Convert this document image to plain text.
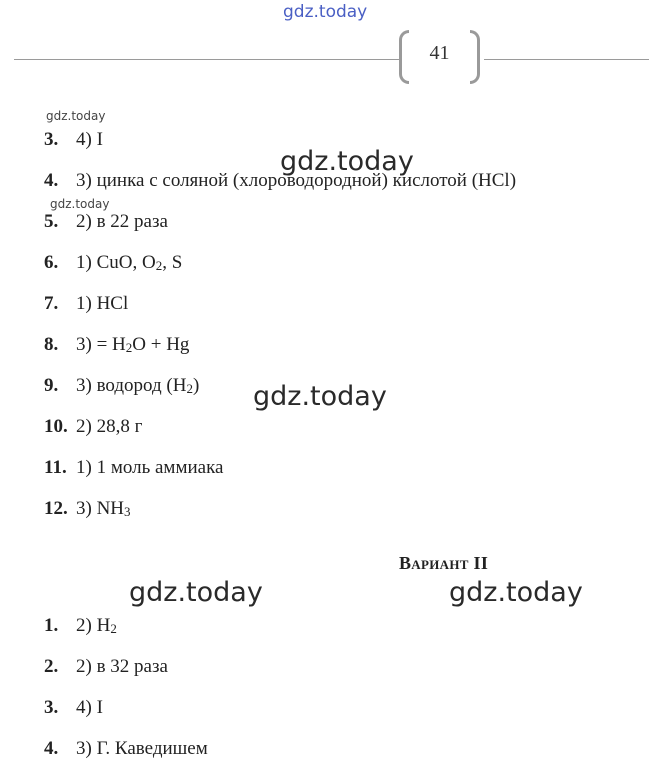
gdz.today
41
gdz.today
gdz.today
3. 4) I
4. 3) цинка с соляной (хлороводородной) кислотой (HCl)
5. 2) в 22 раза
6. 1) CuO, $O_2$, S
7. 1) HCl
8. $3) = H_2O + Hg$
9. 3) водород $(H_2)$
10. 2) 28,8 г
11. 1) 1 моль аммиака
12. 3) $NH_3$
gdz.today
gdz.today
Вариант II
gdz.today	gdz.today
1. 2) $H_2$
2. 2) в 32 раза
3. 4) I
4. 3) Г. Каведишем
